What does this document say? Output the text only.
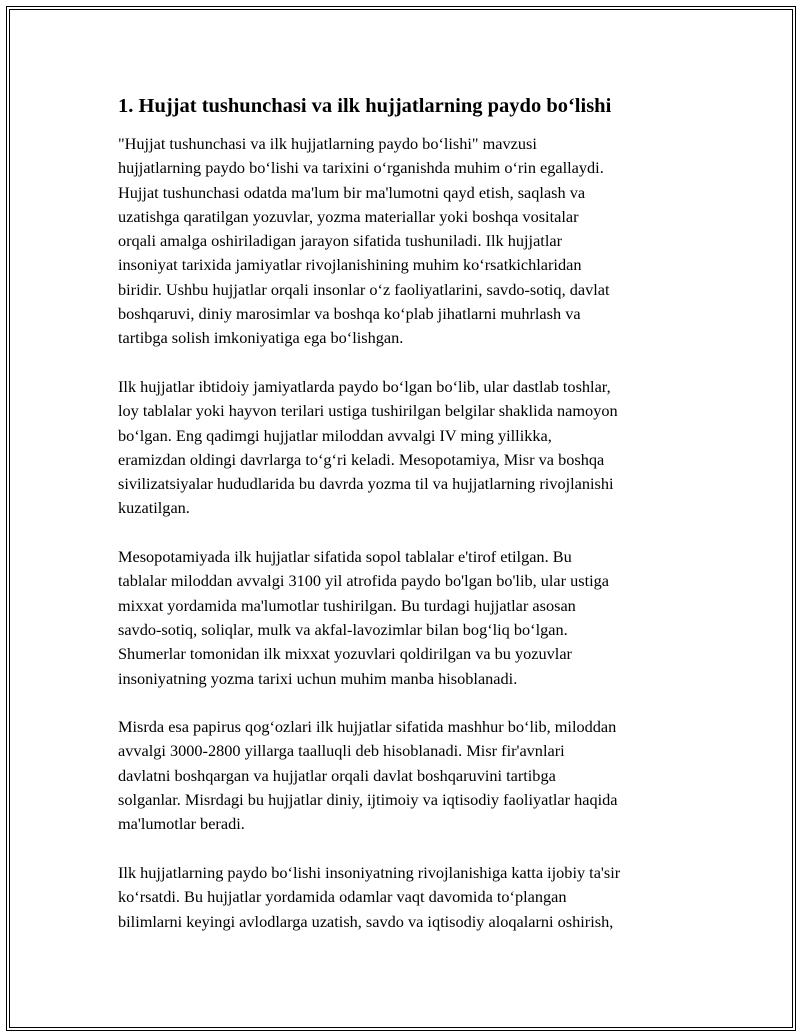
1. Hujjat tushunchasi va ilk hujjatlarning paydo bo‘lishi
"Hujjat tushunchasi va ilk hujjatlarning paydo bo‘lishi" mavzusi
hujjatlarning paydo bo‘lishi va tarixini o‘rganishda muhim o‘rin egallaydi.
Hujjat tushunchasi odatda ma'lum bir ma'lumotni qayd etish, saqlash va
uzatishga qaratilgan yozuvlar, yozma materiallar yoki boshqa vositalar
orqali amalga oshiriladigan jarayon sifatida tushuniladi. Ilk hujjatlar
insoniyat tarixida jamiyatlar rivojlanishining muhim ko‘rsatkichlaridan
biridir. Ushbu hujjatlar orqali insonlar o‘z faoliyatlarini, savdo-sotiq, davlat
boshqaruvi, diniy marosimlar va boshqa ko‘plab jihatlarni muhrlash va
tartibga solish imkoniyatiga ega bo‘lishgan.
Ilk hujjatlar ibtidoiy jamiyatlarda paydo bo‘lgan bo‘lib, ular dastlab toshlar,
loy tablalar yoki hayvon terilari ustiga tushirilgan belgilar shaklida namoyon
bo‘lgan. Eng qadimgi hujjatlar miloddan avvalgi IV ming yillikka,
eramizdan oldingi davrlarga to‘g‘ri keladi. Mesopotamiya, Misr va boshqa
sivilizatsiyalar hududlarida bu davrda yozma til va hujjatlarning rivojlanishi
kuzatilgan.
Mesopotamiyada ilk hujjatlar sifatida sopol tablalar e'tirof etilgan. Bu
tablalar miloddan avvalgi 3100 yil atrofida paydo bo'lgan bo'lib, ular ustiga
mixxat yordamida ma'lumotlar tushirilgan. Bu turdagi hujjatlar asosan
savdo-sotiq, soliqlar, mulk va akfal-lavozimlar bilan bog‘liq bo‘lgan.
Shumerlar tomonidan ilk mixxat yozuvlari qoldirilgan va bu yozuvlar
insoniyatning yozma tarixi uchun muhim manba hisoblanadi.
Misrda esa papirus qog‘ozlari ilk hujjatlar sifatida mashhur bo‘lib, miloddan
avvalgi 3000-2800 yillarga taalluqli deb hisoblanadi. Misr fir'avnlari
davlatni boshqargan va hujjatlar orqali davlat boshqaruvini tartibga
solganlar. Misrdagi bu hujjatlar diniy, ijtimoiy va iqtisodiy faoliyatlar haqida
ma'lumotlar beradi.
Ilk hujjatlarning paydo bo‘lishi insoniyatning rivojlanishiga katta ijobiy ta'sir
ko‘rsatdi. Bu hujjatlar yordamida odamlar vaqt davomida to‘plangan
bilimlarni keyingi avlodlarga uzatish, savdo va iqtisodiy aloqalarni oshirish,
